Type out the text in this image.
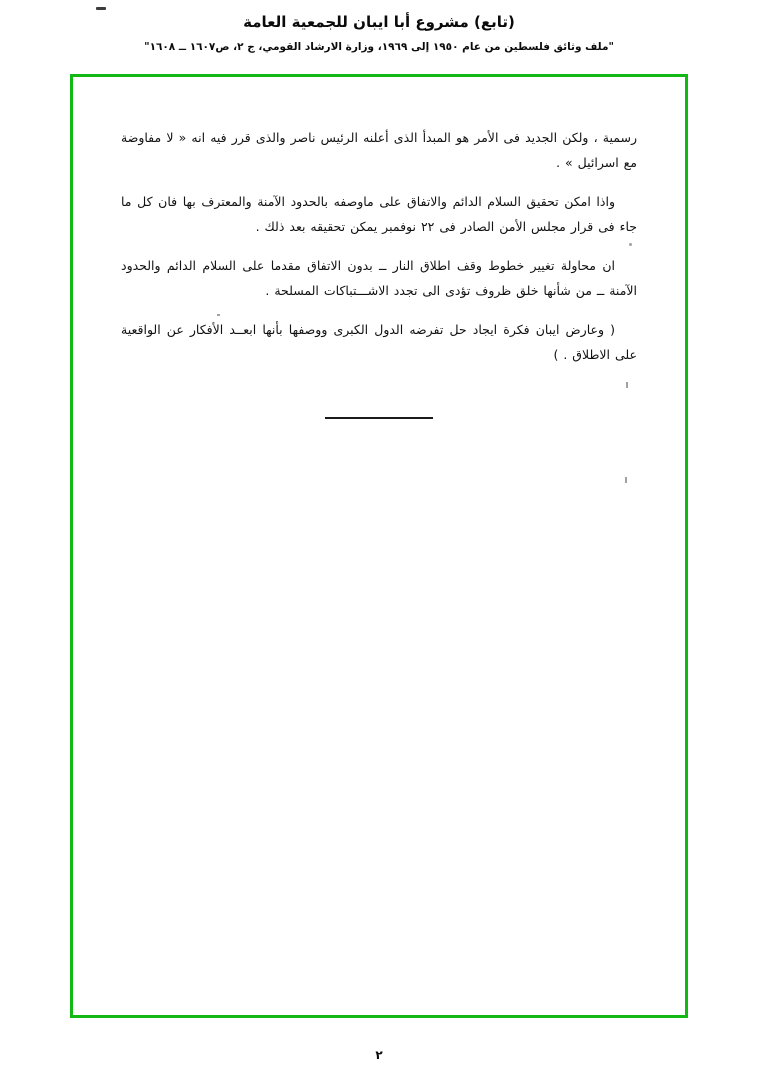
(تابع) مشروع أبا ايبان للجمعية العامة
"ملف وثائق فلسطين من عام ١٩٥٠ إلى ١٩٦٩، وزارة الارشاد القومي، ج ٢، ص١٦٠٧ ــ ١٦٠٨"

رسمية ، ولكن الجديد فى الأمر هو المبدأ الذى أعلنه الرئيس ناصر والذى قرر فيه انه « لا مفاوضة مع اسرائيل » .

واذا امكن تحقيق السلام الدائم والاتفاق على ماوصفه بالحدود الآمنة والمعترف بها فان كل ما جاء فى قرار مجلس الأمن الصادر فى ٢٢ نوفمبر يمكن تحقيقه بعد ذلك .

ان محاولة تغيير خطوط وقف اطلاق النار ــ بدون الاتفاق مقدما على السلام الدائم والحدود الآمنة ــ من شأنها خلق ظروف تؤدى الى تجدد الاشـــتباكات المسلحة .

( وعارض ايبان فكرة ايجاد حل تفرضه الدول الكبرى ووصفها بأنها ابعــد الأفكار عن الواقعية على الاطلاق . )

٢
